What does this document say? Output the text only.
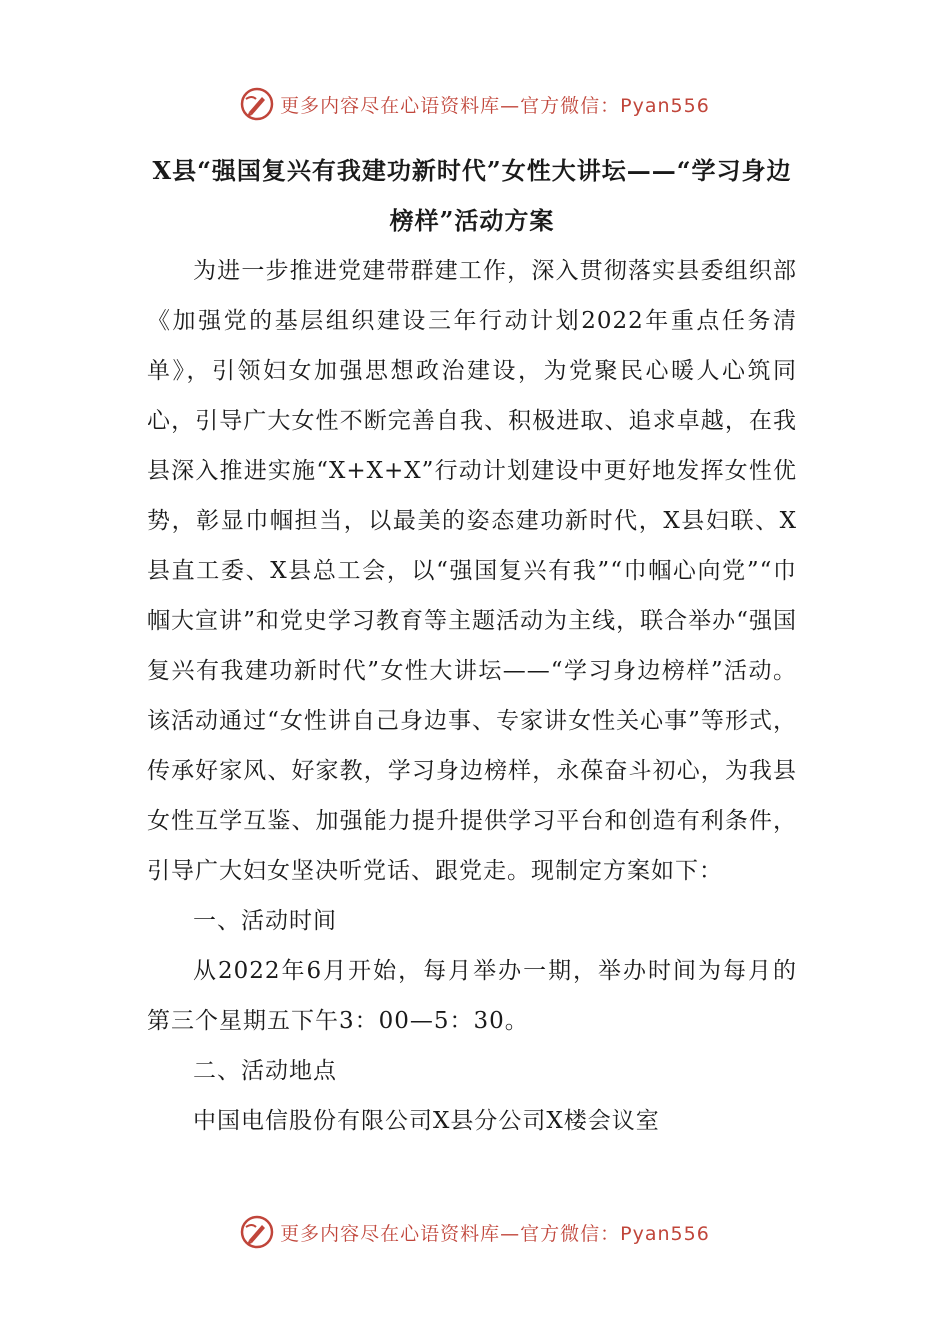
更多内容尽在心语资料库—官方微信：Pyan556
X县“强国复兴有我建功新时代”女性大讲坛——“学习身边榜样”活动方案

为进一步推进党建带群建工作，深入贯彻落实县委组织部《加强党的基层组织建设三年行动计划2022年重点任务清单》，引领妇女加强思想政治建设，为党聚民心暖人心筑同心，引导广大女性不断完善自我、积极进取、追求卓越，在我县深入推进实施“X+X+X”行动计划建设中更好地发挥女性优势，彰显巾帼担当，以最美的姿态建功新时代，X县妇联、X县直工委、X县总工会，以“强国复兴有我”“巾帼心向党”“巾帼大宣讲”和党史学习教育等主题活动为主线，联合举办“强国复兴有我建功新时代”女性大讲坛——“学习身边榜样”活动。该活动通过“女性讲自己身边事、专家讲女性关心事”等形式，传承好家风、好家教，学习身边榜样，永葆奋斗初心，为我县女性互学互鉴、加强能力提升提供学习平台和创造有利条件，引导广大妇女坚决听党话、跟党走。现制定方案如下：

一、活动时间

从2022年6月开始，每月举办一期，举办时间为每月的第三个星期五下午3：00—5：30。

二、活动地点

中国电信股份有限公司X县分公司X楼会议室

更多内容尽在心语资料库—官方微信：Pyan556
